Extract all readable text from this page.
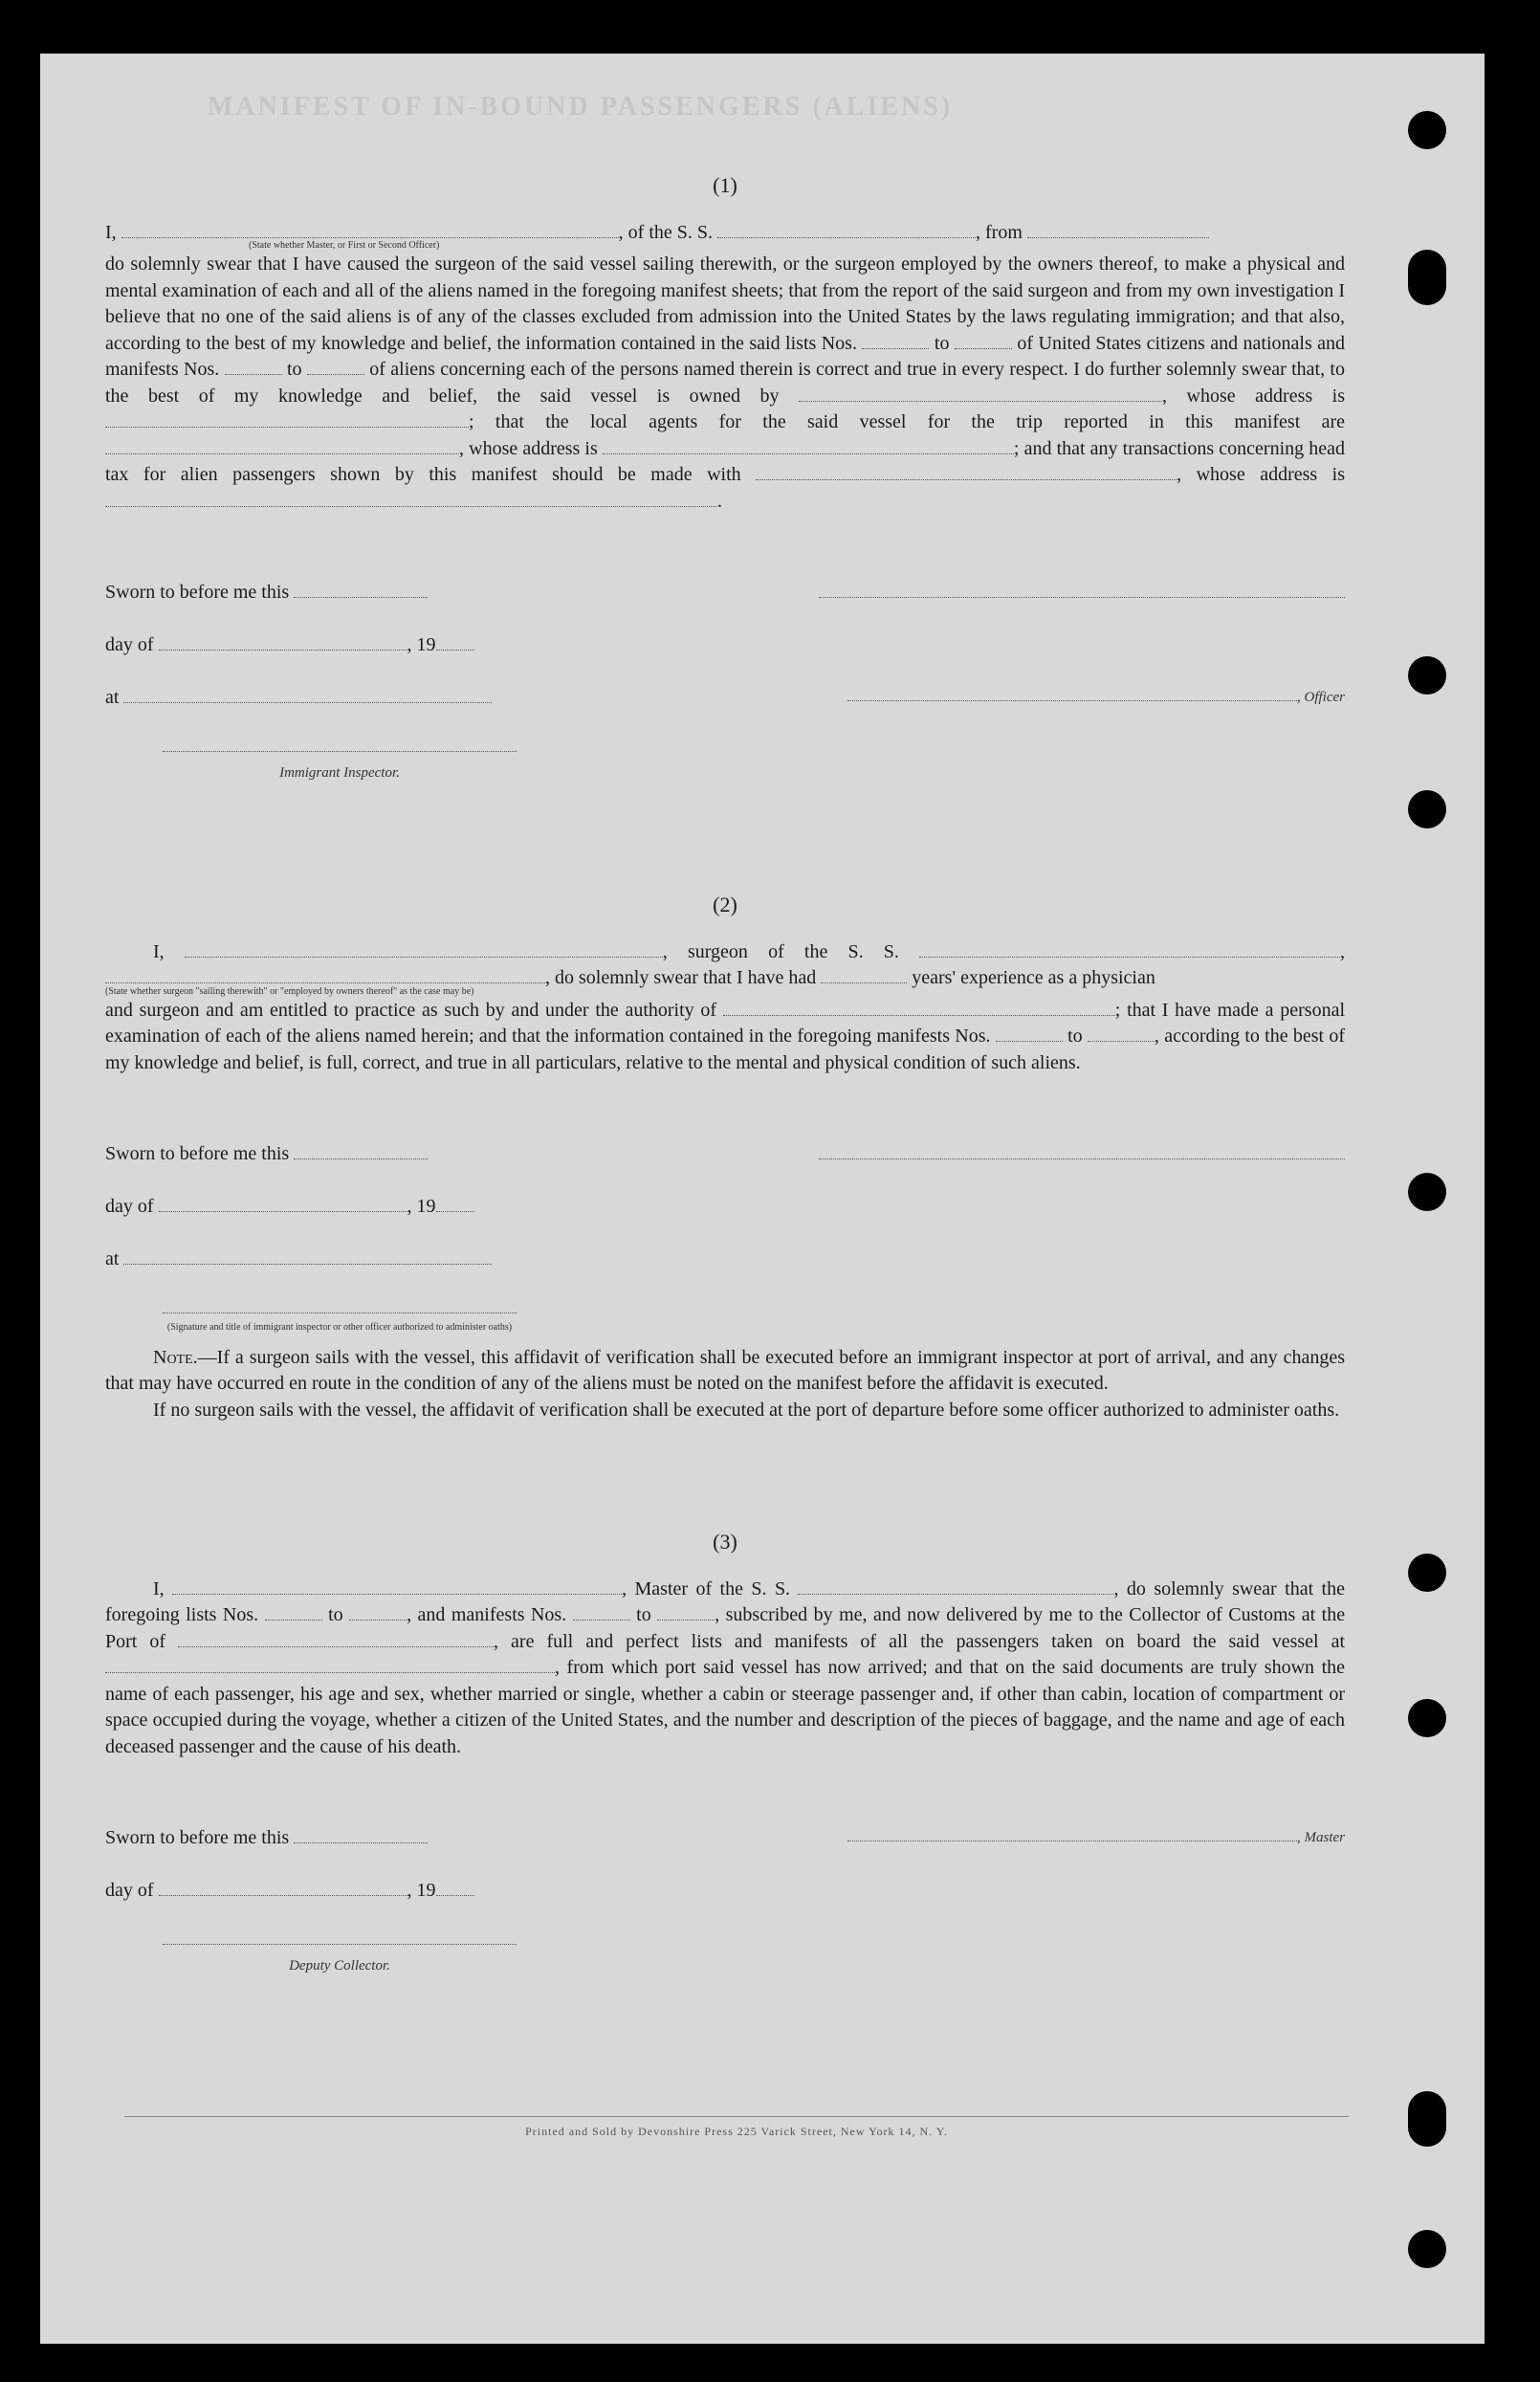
MANIFEST OF IN-BOUND PASSENGERS (ALIENS)
(1)

I,	, of the S. S.	, from

(State whether Master, or First or Second Officer)

do solemnly swear that I have caused the surgeon of the said vessel sailing therewith, or the surgeon employed by the owners thereof, to make a physical and mental examination of each and all of the aliens named in the foregoing manifest sheets; that from the report of the said surgeon and from my own investigation I believe that no one of the said aliens is of any of the classes excluded from admission into the United States by the laws regulating immigration; and that also, according to the best of my knowledge and belief, the information contained in the said lists Nos.	to	of United States citizens and nationals and manifests Nos.	to	of aliens concerning each of the persons named therein is correct and true in every respect. I do further solemnly swear that, to the best of my knowledge and belief, the said vessel is owned by	, whose address is ; that the local agents for the said vessel for the trip reported in this manifest are , whose address is	; and that any transactions concerning head tax for alien passengers shown by this manifest should be made with	, whose address is .

Sworn to before me this
day of	, 19
at	, Officer
Immigrant Inspector.
(2)

I,	, surgeon of the S. S.	, , do solemnly swear that I have had	years' experience as a physician

(State whether surgeon "sailing therewith" or "employed by owners thereof" as the case may be)

and surgeon and am entitled to practice as such by and under the authority of	; that I have made a personal examination of each of the aliens named herein; and that the information contained in the foregoing manifests Nos.	to	, according to the best of my knowledge and belief, is full, correct, and true in all particulars, relative to the mental and physical condition of such aliens.

Sworn to before me this
day of	, 19
at
(Signature and title of immigrant inspector or other officer authorized to administer oaths)

Note.—If a surgeon sails with the vessel, this affidavit of verification shall be executed before an immigrant inspector at port of arrival, and any changes that may have occurred en route in the condition of any of the aliens must be noted on the manifest before the affidavit is executed.

If no surgeon sails with the vessel, the affidavit of verification shall be executed at the port of departure before some officer authorized to administer oaths.

(3)

I,	, Master of the S. S.	, do solemnly swear that the foregoing lists Nos.	to	, and manifests Nos.	to	, subscribed by me, and now delivered by me to the Collector of Customs at the Port of	, are full and perfect lists and manifests of all the passengers taken on board the said vessel at , from which port said vessel has now arrived; and that on the said documents are truly shown the name of each passenger, his age and sex, whether married or single, whether a cabin or steerage passenger and, if other than cabin, location of compartment or space occupied during the voyage, whether a citizen of the United States, and the number and description of the pieces of baggage, and the name and age of each deceased passenger and the cause of his death.

Sworn to before me this	, Master
day of	, 19
Deputy Collector.
Printed and Sold by Devonshire Press 225 Varick Street, New York 14, N. Y.
